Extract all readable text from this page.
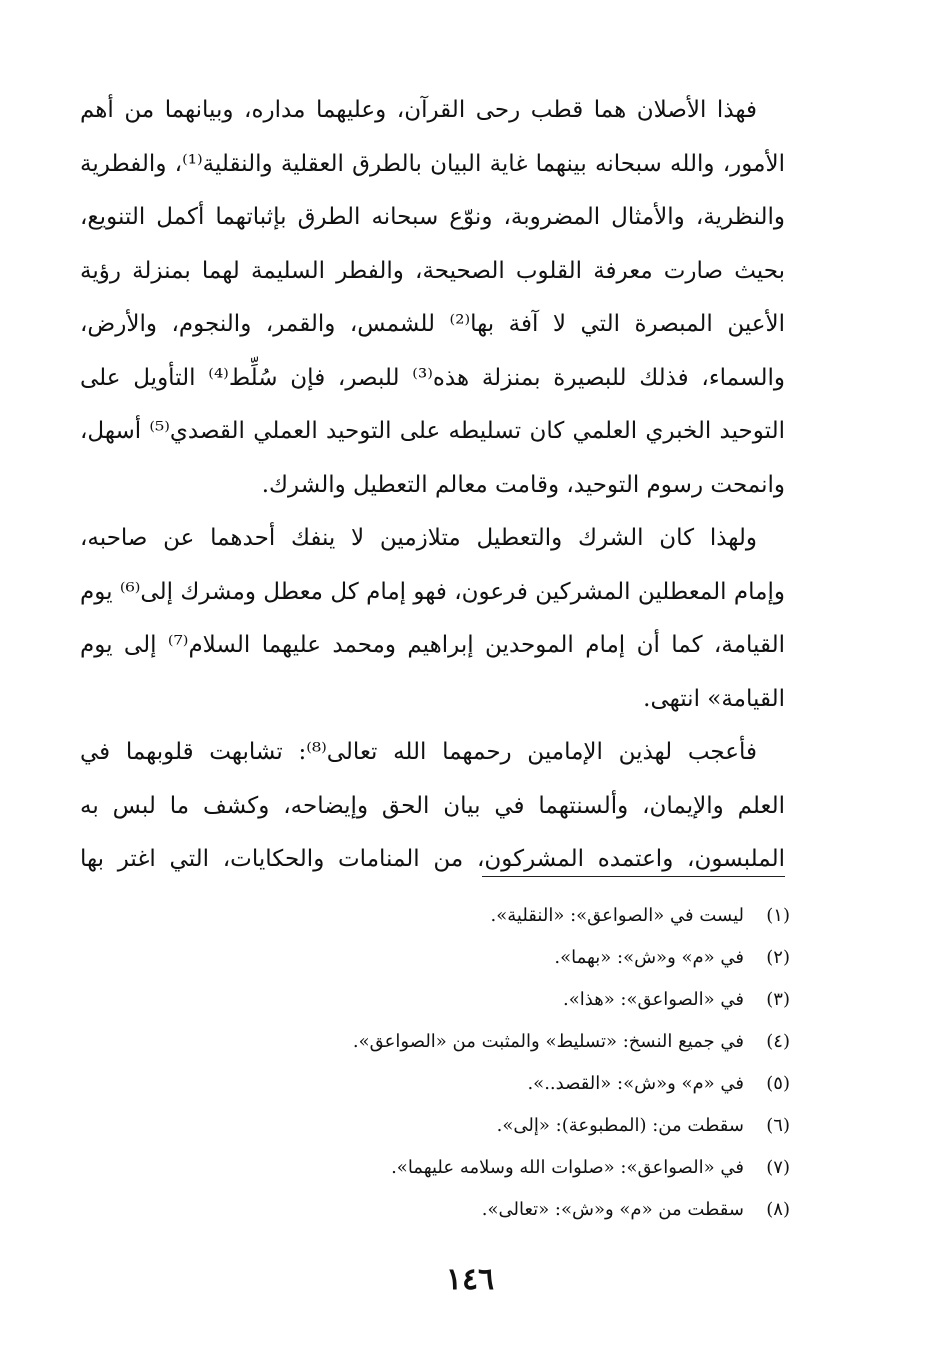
فهذا الأصلان هما قطب رحى القرآن، وعليهما مداره، وبيانهما من أهم
الأمور، والله سبحانه بينهما غاية البيان بالطرق العقلية والنقلية⁽¹⁾، والفطرية
والنظرية، والأمثال المضروبة، ونوّع سبحانه الطرق بإثباتهما أكمل التنويع،
بحيث صارت معرفة القلوب الصحيحة، والفطر السليمة لهما بمنزلة رؤية
الأعين المبصرة التي لا آفة بها⁽²⁾ للشمس، والقمر، والنجوم، والأرض،
والسماء، فذلك للبصيرة بمنزلة هذه⁽³⁾ للبصر، فإن سُلِّط⁽⁴⁾ التأويل على
التوحيد الخبري العلمي كان تسليطه على التوحيد العملي القصدي⁽⁵⁾ أسهل،
وانمحت رسوم التوحيد، وقامت معالم التعطيل والشرك.
ولهذا كان الشرك والتعطيل متلازمين لا ينفك أحدهما عن صاحبه،
وإمام المعطلين المشركين فرعون، فهو إمام كل معطل ومشرك إلى⁽⁶⁾ يوم
القيامة، كما أن إمام الموحدين إبراهيم ومحمد عليهما السلام⁽⁷⁾ إلى يوم
القيامة» انتهى.
فأعجب لهذين الإمامين رحمهما الله تعالى⁽⁸⁾: تشابهت قلوبهما في
العلم والإيمان، وألسنتهما في بيان الحق وإيضاحه، وكشف ما لبس به
الملبسون، واعتمده المشركون، من المنامات والحكايات، التي اغتر بها
(١)
ليست في «الصواعق»: «النقلية».
(٢)
في «م» و«ش»: «بهما».
(٣)
في «الصواعق»: «هذا».
(٤)
في جميع النسخ: «تسليط» والمثبت من «الصواعق».
(٥)
في «م» و«ش»: «القصد..».
(٦)
سقطت من: (المطبوعة): «إلى».
(٧)
في «الصواعق»: «صلوات الله وسلامه عليهما».
(٨)
سقطت من «م» و«ش»: «تعالى».
١٤٦
